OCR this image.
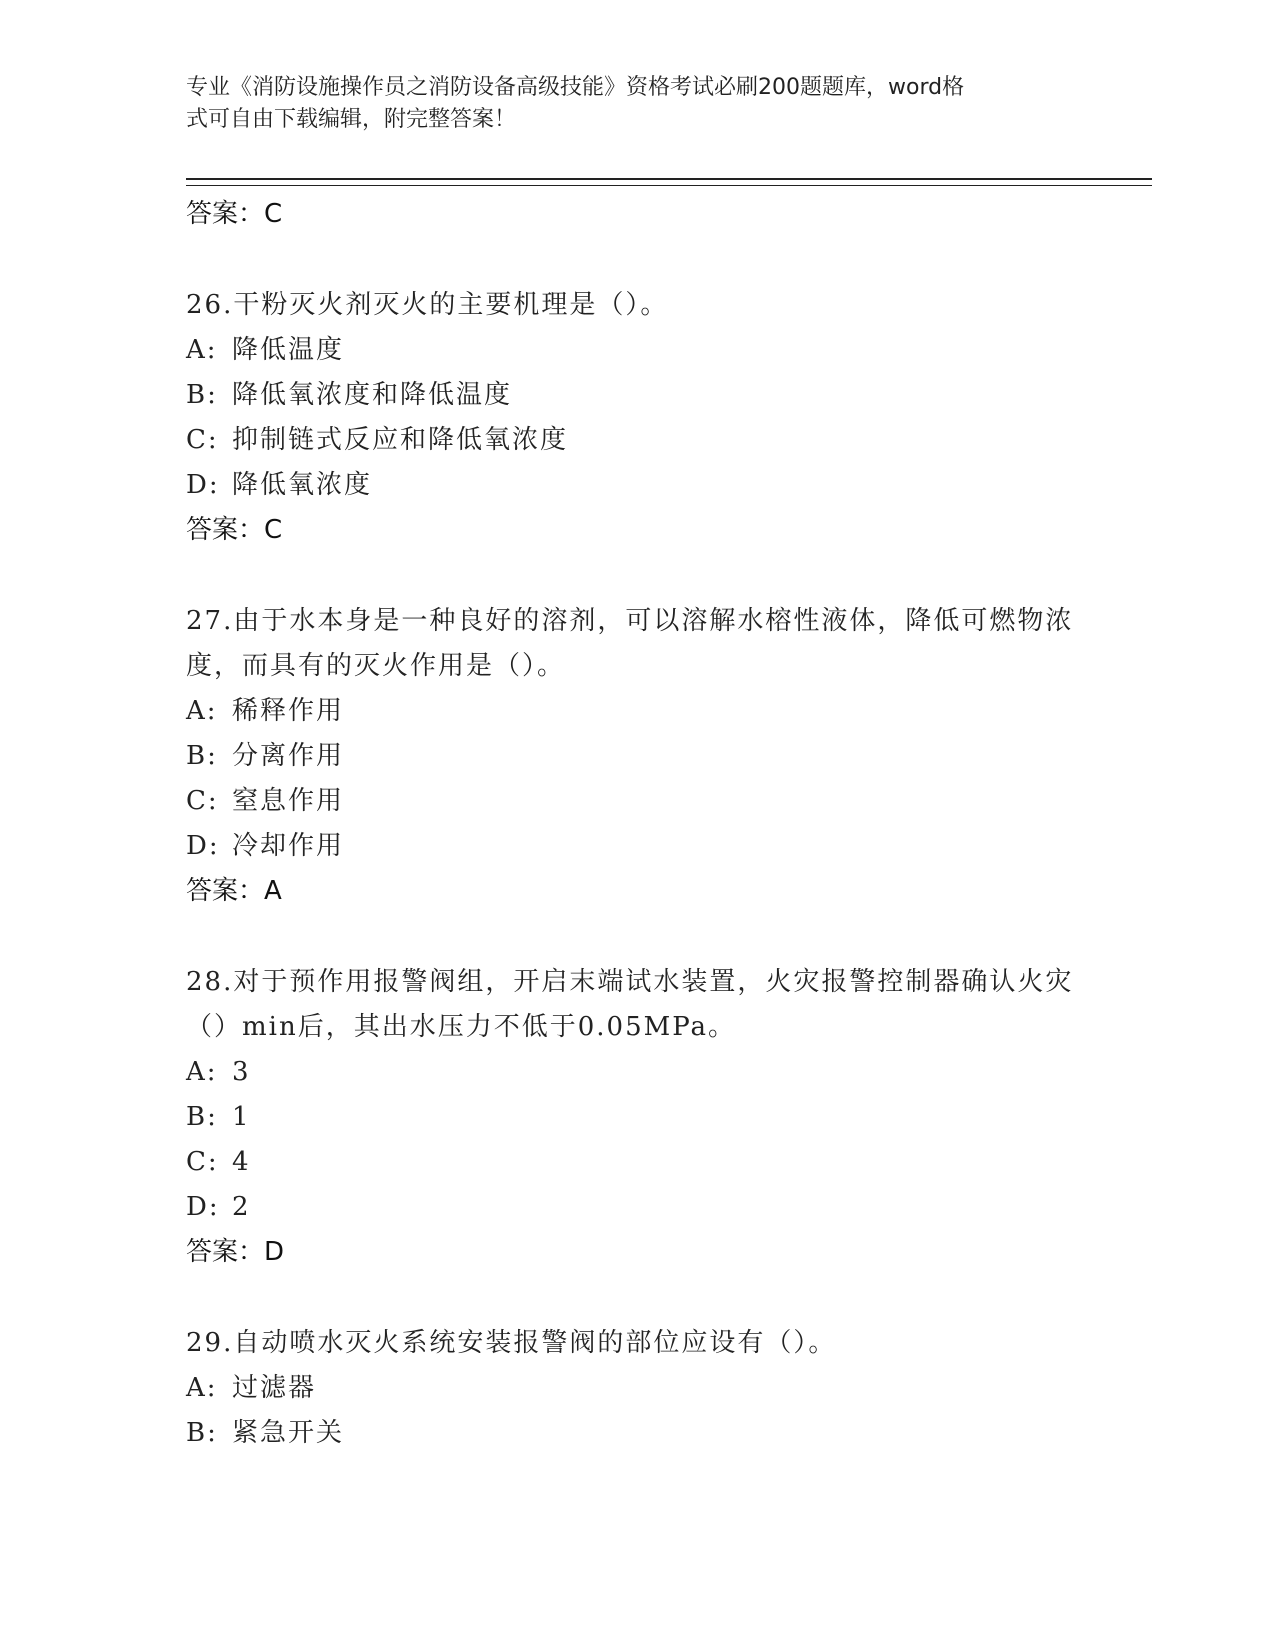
专业《消防设施操作员之消防设备高级技能》资格考试必刷200题题库，word格
式可自由下载编辑，附完整答案！
答案：C
26.干粉灭火剂灭火的主要机理是（）。
A: 降低温度
B: 降低氧浓度和降低温度
C: 抑制链式反应和降低氧浓度
D: 降低氧浓度
答案：C
27.由于水本身是一种良好的溶剂，可以溶解水榕性液体，降低可燃物浓度，而具有的灭火作用是（）。
A: 稀释作用
B: 分离作用
C: 窒息作用
D: 冷却作用
答案：A
28.对于预作用报警阀组，开启末端试水装置，火灾报警控制器确认火灾（）min后，其出水压力不低于0.05MPa。
A: 3
B: 1
C: 4
D: 2
答案：D
29.自动喷水灭火系统安装报警阀的部位应设有（）。
A: 过滤器
B: 紧急开关
